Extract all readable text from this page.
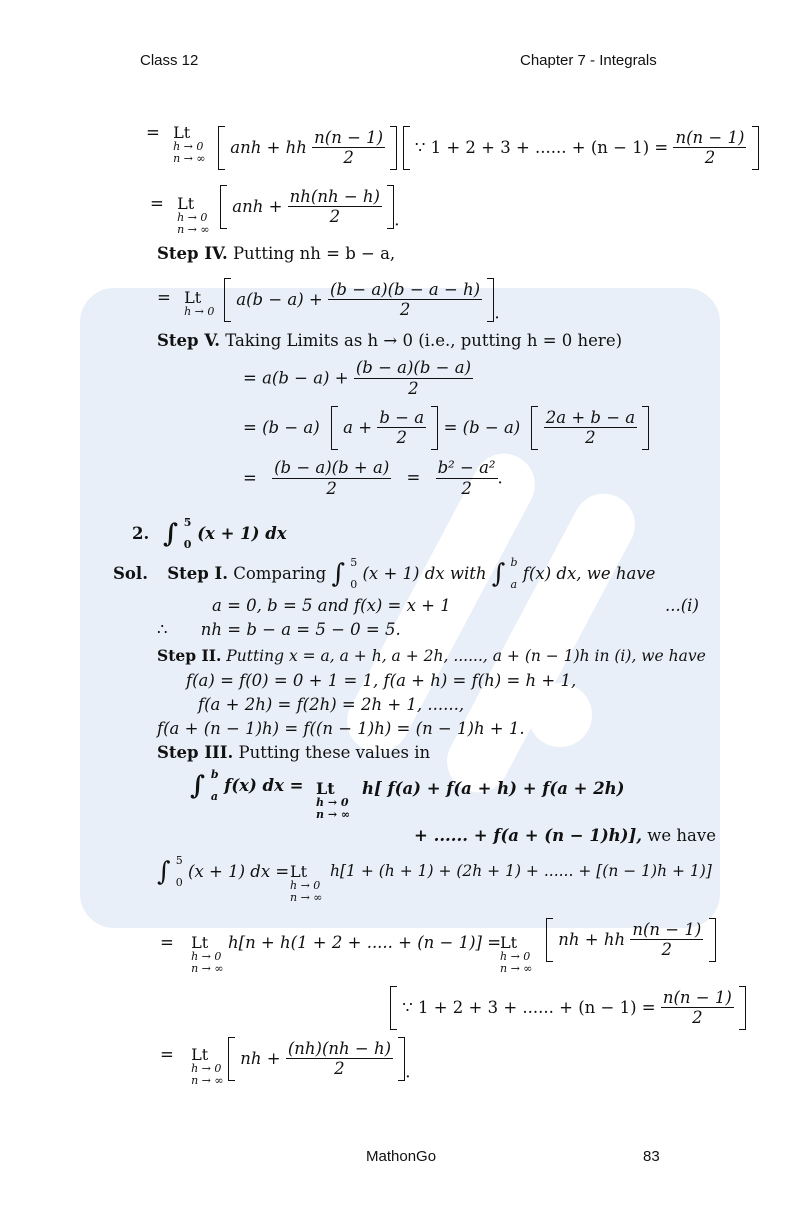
Class 12	Chapter 7 - Integrals
= Lt
h → 0
n → ∞
anh + hh $\frac{n(n - 1)}{2}$ ∵ 1 + 2 + 3 + ...... + $(n - 1) = \frac{n(n - 1)}{2}$

= Lt
h → 0
n → ∞
anh + $\frac{nh(nh - h)}{2}$ .
Step IV. Putting nh = b − a,
= Lt
h → 0
$a(b - a) + \frac{(b - a)(b - a - h)}{2}$ .
Step V. Taking Limits as h → 0 (i.e., putting h = 0 here)
= $a(b - a) + \frac{(b - a)(b - a)}{2}$
= (b − a) $a + \frac{b - a}{2} = (b - a) \frac{2a + b - a}{2}$

= $\frac{(b - a)(b + a)}{2} = \frac{\text{b² − a²}}{2}$ .
2. ∫ 5
0
(x + 1) dx
Sol. Step I. Comparing ∫ 5
0
(x + 1) dx with ∫ b
a
f(x) dx, we have
a = 0, b = 5 and f(x) = x + 1	...(i)
∴ nh = b − a = 5 − 0 = 5.
Step II. Putting x = a, a + h, a + 2h, ......, a + (n − 1)h in (i), we have
f(a) = f(0) = 0 + 1 = 1, f(a + h) = f(h) = h + 1,
f(a + 2h) = f(2h) = 2h + 1, ......,
f(a + (n − 1)h) = f((n − 1)h) = (n − 1)h + 1.
Step III. Putting these values in
∫ b
a
f(x) dx = Lt
h → 0
n → ∞
h[ f(a) + f(a + h) + f(a + 2h)
+ ...... + f(a + (n − 1)h)], we have
∫ 5
0
(x + 1) dx = Lt
h → 0
n → ∞
h[1 + (h + 1) + (2h + 1) + ...... + [(n − 1)h + 1)]
= Lt
h → 0
n → ∞
h[n + h(1 + 2 + ..... + (n − 1)] =
Lt
h → 0
n → ∞
nh + hh $\frac{n(n - 1)}{2}$

∵ 1 + 2 + 3 + ...... + $(n - 1) = \frac{n(n - 1)}{2}$

= Lt
h → 0
n → ∞
nh + $\frac{(nh)(nh - h)}{2}$ .
MathonGo	83
